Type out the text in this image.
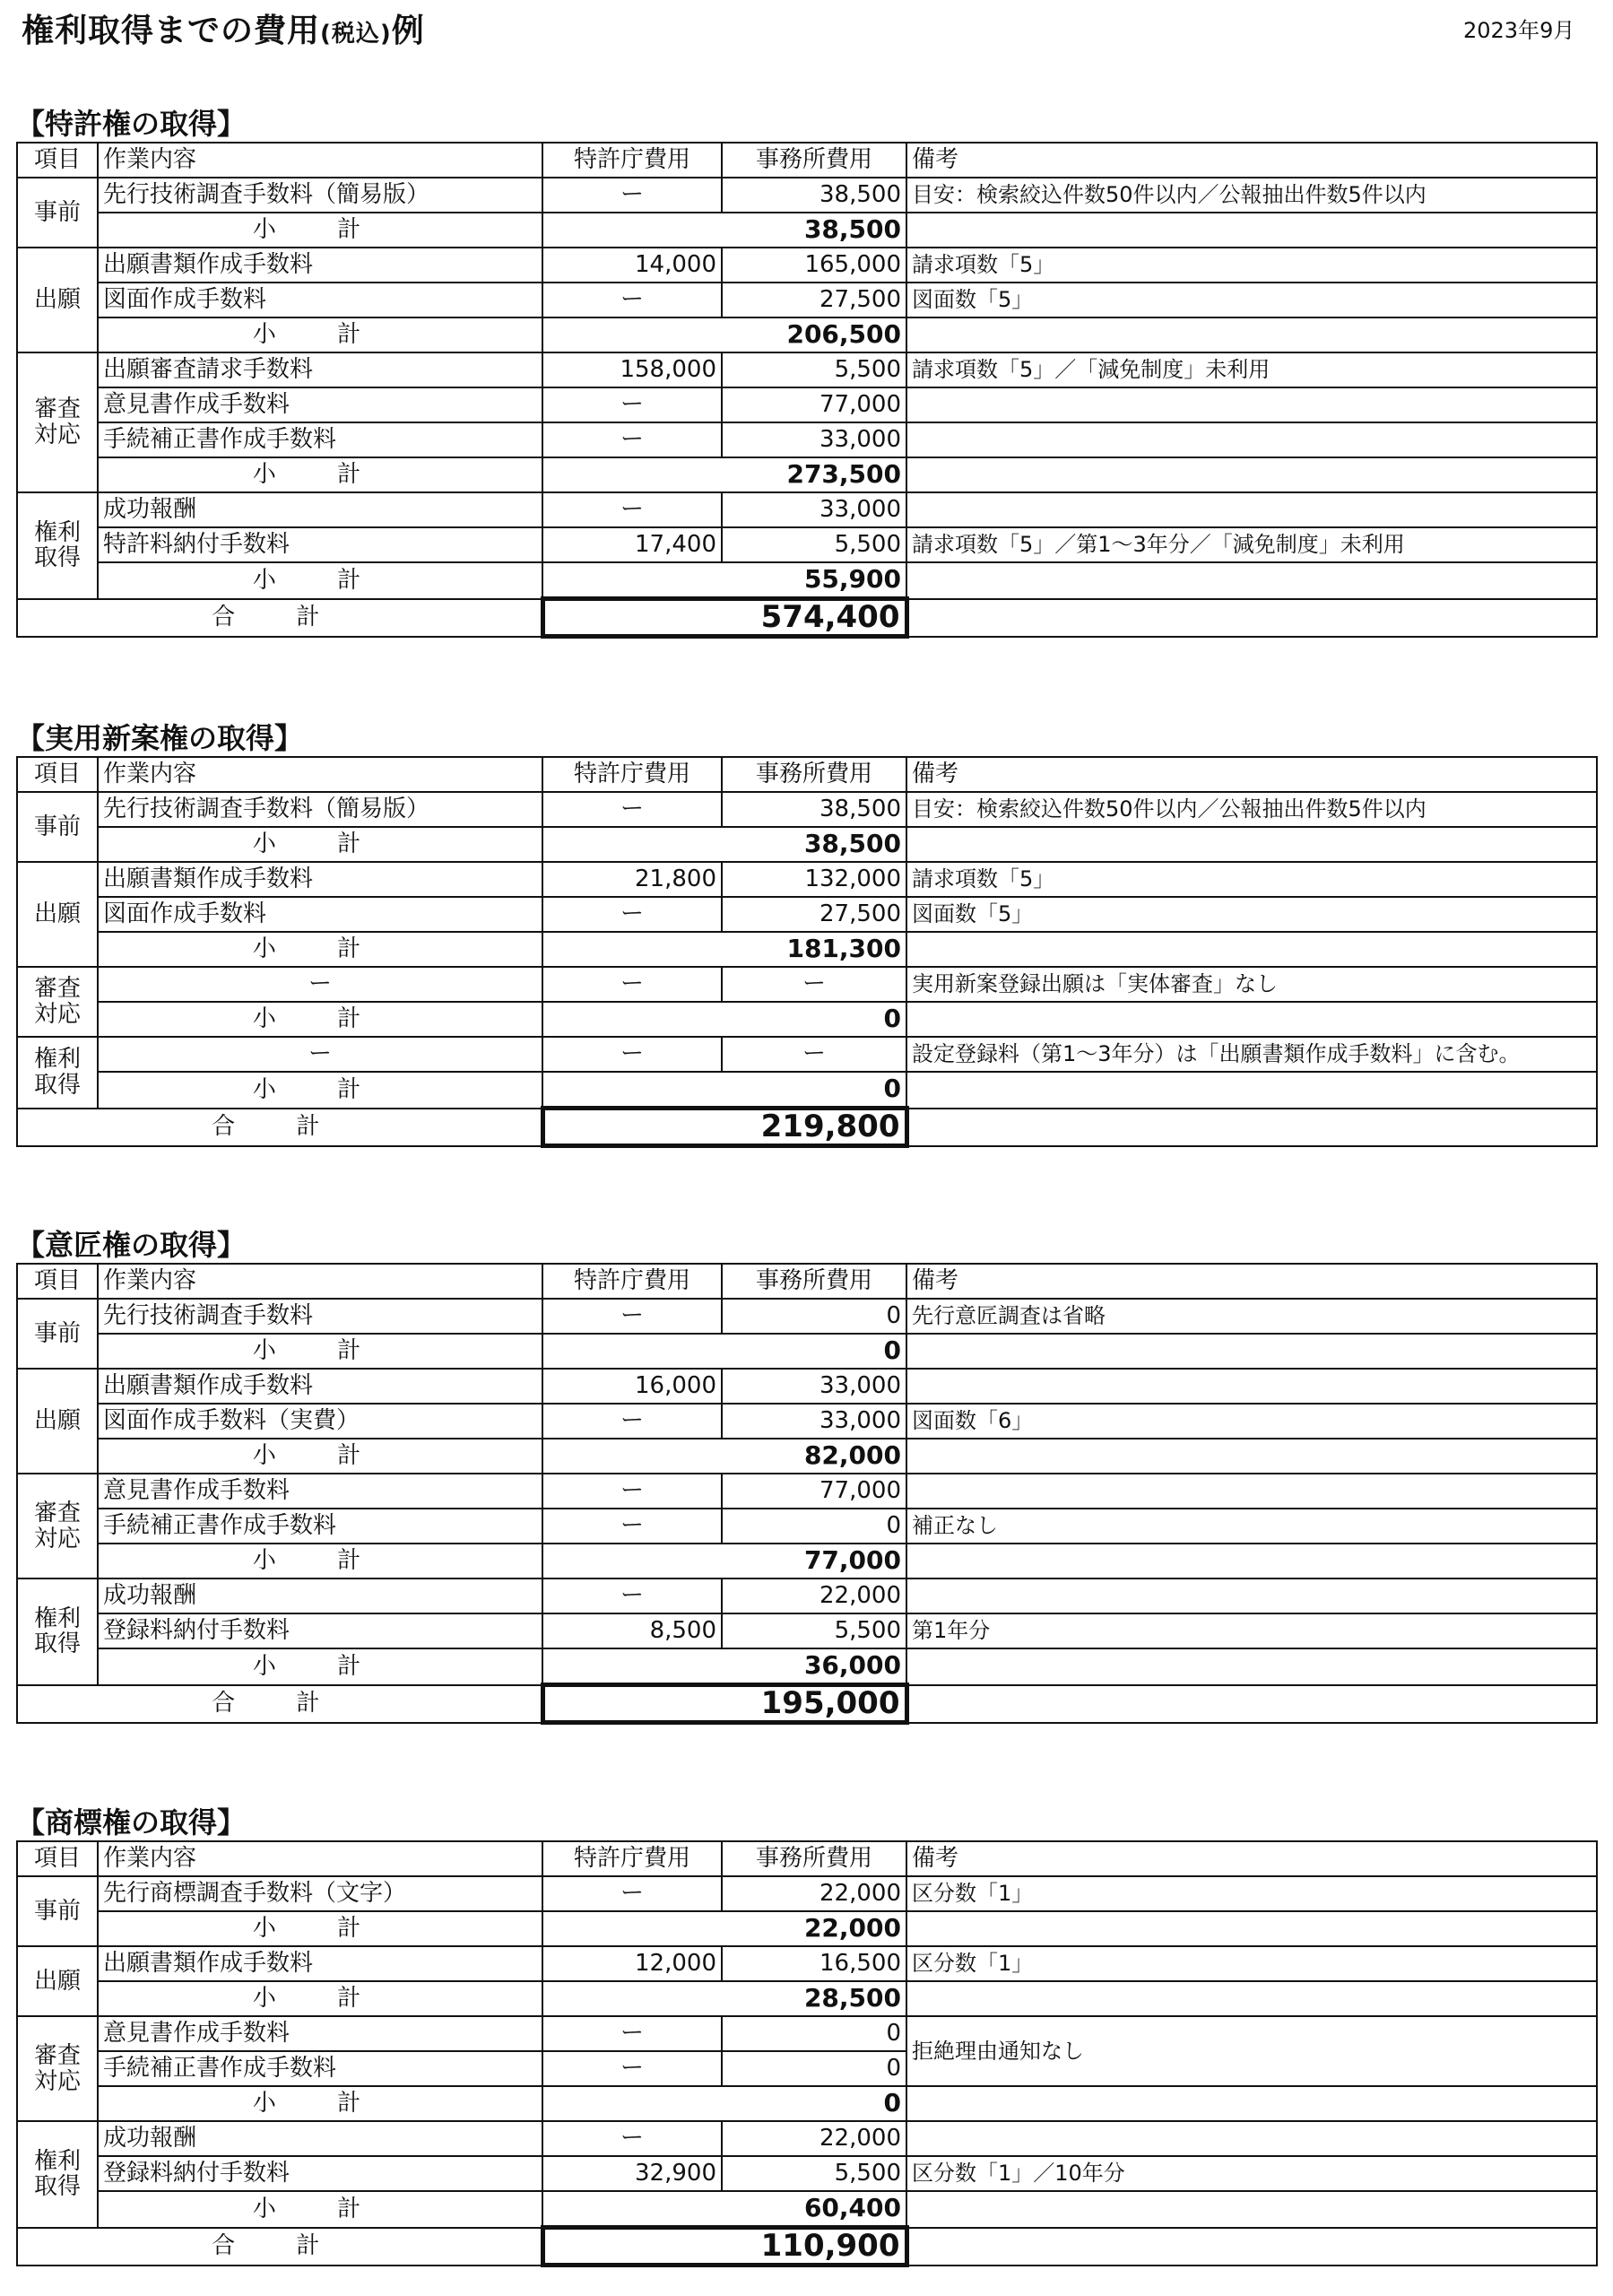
権利取得までの費用(税込)例	2023年9月
【特許権の取得】
項目	作業内容	特許庁費用	事務所費用	備考
事前	先行技術調査手数料（簡易版）	ー	38,500	目安：検索絞込件数50件以内／公報抽出件数5件以内
	小 計	38,500		
出願	出願書類作成手数料	14,000	165,000	請求項数「5」
	図面作成手数料	ー	27,500	図面数「5」
	小 計	206,500		
審査
対応	出願審査請求手数料	158,000	5,500	請求項数「5」／「減免制度」未利用
	意見書作成手数料	ー	77,000	
	手続補正書作成手数料	ー	33,000	
	小 計	273,500		
権利
取得	成功報酬	ー	33,000	
	特許料納付手数料	17,400	5,500	請求項数「5」／第1～3年分／「減免制度」未利用
	小 計	55,900		
合 計		574,400		
【実用新案権の取得】
項目	作業内容	特許庁費用	事務所費用	備考
事前	先行技術調査手数料（簡易版）	ー	38,500	目安：検索絞込件数50件以内／公報抽出件数5件以内
	小 計	38,500		
出願	出願書類作成手数料	21,800	132,000	請求項数「5」
	図面作成手数料	ー	27,500	図面数「5」
	小 計	181,300		
審査
対応	ー	ー	ー	実用新案登録出願は「実体審査」なし
	小 計	0		
権利
取得	ー	ー	ー	設定登録料（第1～3年分）は「出願書類作成手数料」に含む。
	小 計	0		
合 計		219,800		
【意匠権の取得】
項目	作業内容	特許庁費用	事務所費用	備考
事前	先行技術調査手数料	ー	0	先行意匠調査は省略
	小 計	0		
出願	出願書類作成手数料	16,000	33,000	
	図面作成手数料（実費）	ー	33,000	図面数「6」
	小 計	82,000		
審査
対応	意見書作成手数料	ー	77,000	
	手続補正書作成手数料	ー	0	補正なし
	小 計	77,000		
権利
取得	成功報酬	ー	22,000	
	登録料納付手数料	8,500	5,500	第1年分
	小 計	36,000		
合 計		195,000		
【商標権の取得】
項目	作業内容	特許庁費用	事務所費用	備考
事前	先行商標調査手数料（文字）	ー	22,000	区分数「1」
	小 計	22,000		
出願	出願書類作成手数料	12,000	16,500	区分数「1」
	小 計	28,500		
審査
対応	意見書作成手数料	ー	0	拒絶理由通知なし
	手続補正書作成手数料	ー	0	
	小 計	0		
権利
取得	成功報酬	ー	22,000	
	登録料納付手数料	32,900	5,500	区分数「1」／10年分
	小 計	60,400		
合 計		110,900		
